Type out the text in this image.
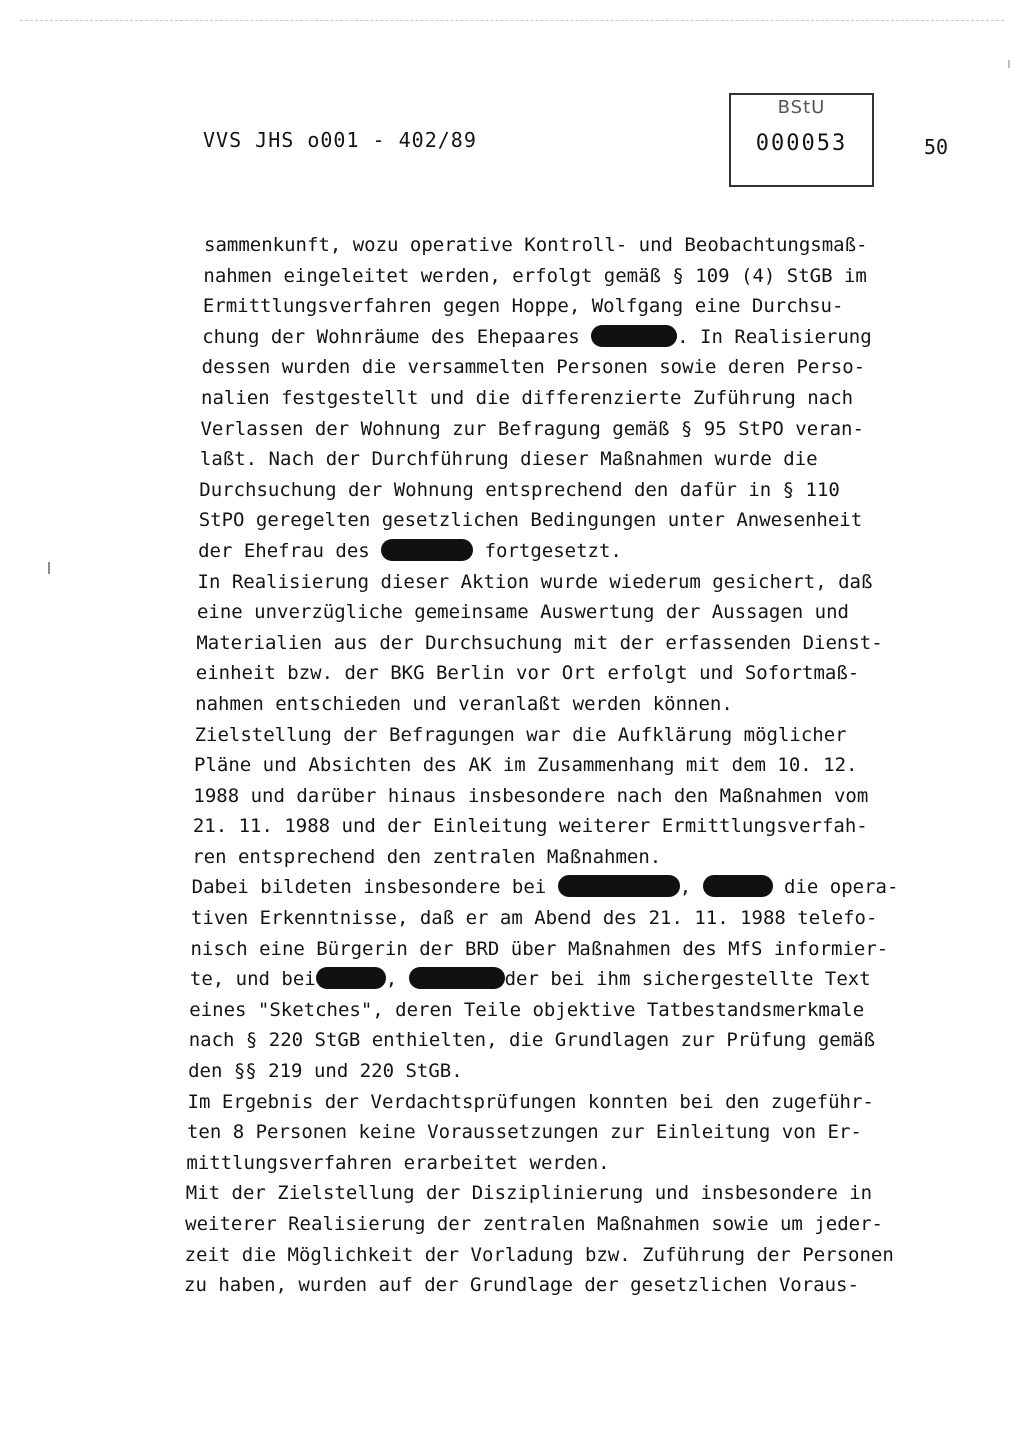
VVS JHS o001 - 402/89
BStU
000053	50
sammenkunft, wozu operative Kontroll- und Beobachtungsmaß-
nahmen eingeleitet werden, erfolgt gemäß § 109 (4) StGB im
Ermittlungsverfahren gegen Hoppe, Wolfgang eine Durchsu-
chung der Wohnräume des Ehepaares	. In Realisierung
dessen wurden die versammelten Personen sowie deren Perso-
nalien festgestellt und die differenzierte Zuführung nach
Verlassen der Wohnung zur Befragung gemäß § 95 StPO veran-
laßt. Nach der Durchführung dieser Maßnahmen wurde die
Durchsuchung der Wohnung entsprechend den dafür in § 110
StPO geregelten gesetzlichen Bedingungen unter Anwesenheit
der Ehefrau des	fortgesetzt.
In Realisierung dieser Aktion wurde wiederum gesichert, daß
eine unverzügliche gemeinsame Auswertung der Aussagen und
Materialien aus der Durchsuchung mit der erfassenden Dienst-
einheit bzw. der BKG Berlin vor Ort erfolgt und Sofortmaß-
nahmen entschieden und veranlaßt werden können.
Zielstellung der Befragungen war die Aufklärung möglicher
Pläne und Absichten des AK im Zusammenhang mit dem 10. 12.
1988 und darüber hinaus insbesondere nach den Maßnahmen vom
21. 11. 1988 und der Einleitung weiterer Ermittlungsverfah-
ren entsprechend den zentralen Maßnahmen.
Dabei bildeten insbesondere bei	,	die opera-
tiven Erkenntnisse, daß er am Abend des 21. 11. 1988 telefo-
nisch eine Bürgerin der BRD über Maßnahmen des MfS informier-
te, und bei	,	der bei ihm sichergestellte Text
eines "Sketches", deren Teile objektive Tatbestandsmerkmale
nach § 220 StGB enthielten, die Grundlagen zur Prüfung gemäß
den §§ 219 und 220 StGB.
Im Ergebnis der Verdachtsprüfungen konnten bei den zugeführ-
ten 8 Personen keine Voraussetzungen zur Einleitung von Er-
mittlungsverfahren erarbeitet werden.
Mit der Zielstellung der Disziplinierung und insbesondere in
weiterer Realisierung der zentralen Maßnahmen sowie um jeder-
zeit die Möglichkeit der Vorladung bzw. Zuführung der Personen
zu haben, wurden auf der Grundlage der gesetzlichen Voraus-
